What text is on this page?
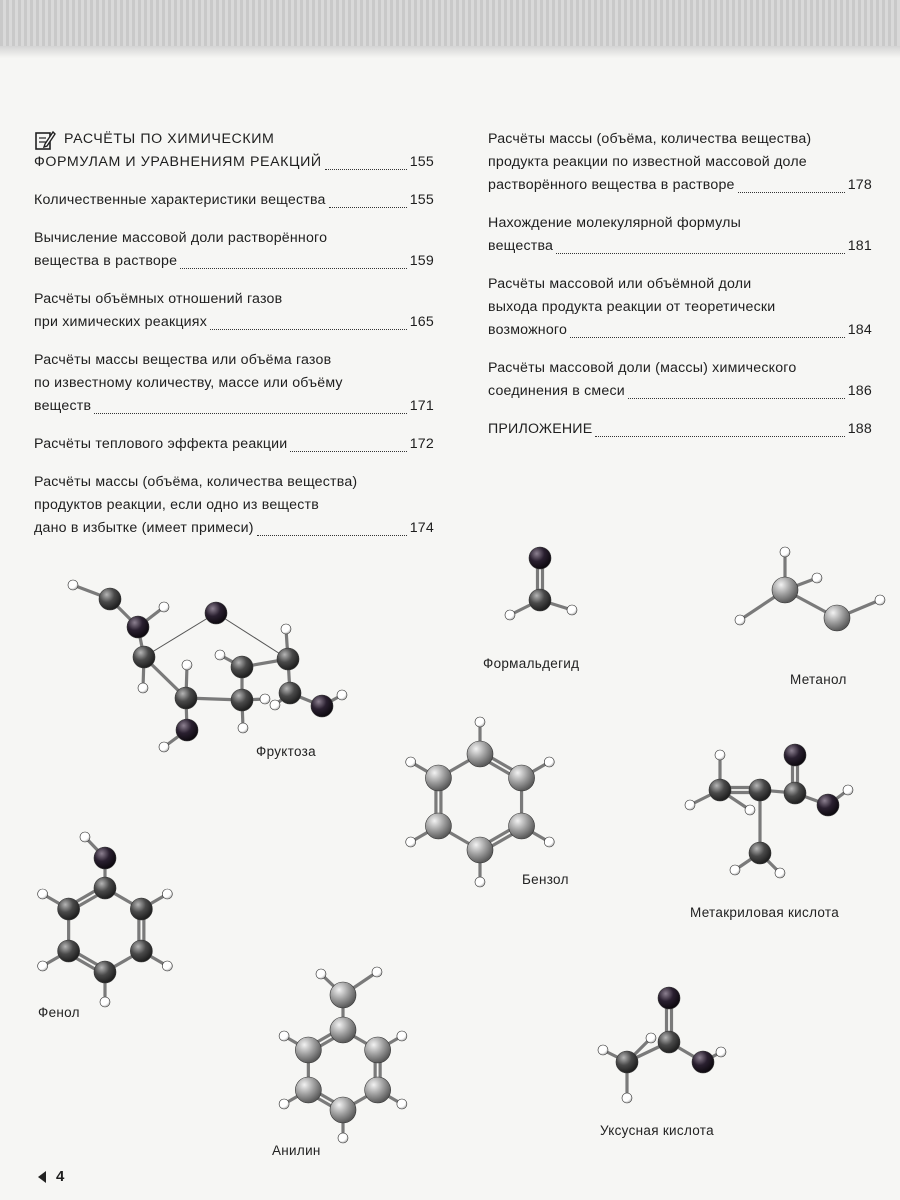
РАСЧЁТЫ ПО ХИМИЧЕСКИМ
ФОРМУЛАМ И УРАВНЕНИЯМ РЕАКЦИЙ	155
Количественные характеристики вещества	155
Вычисление массовой доли растворённого
вещества в растворе	159
Расчёты объёмных отношений газов
при химических реакциях	165
Расчёты массы вещества или объёма газов
по известному количеству, массе или объёму
веществ	171
Расчёты теплового эффекта реакции	172
Расчёты массы (объёма, количества вещества)
продуктов реакции, если одно из веществ
дано в избытке (имеет примеси)	174
Расчёты массы (объёма, количества вещества)
продукта реакции по известной массовой доле
растворённого вещества в растворе	178
Нахождение молекулярной формулы
вещества	181
Расчёты массовой или объёмной доли
выхода продукта реакции от теоретически
возможного	184
Расчёты массовой доли (массы) химического
соединения в смеси	186
ПРИЛОЖЕНИЕ	188
Фруктоза
Формальдегид
Метанол
Бензол
Метакриловая кислота
Фенол
Анилин
Уксусная кислота
4
